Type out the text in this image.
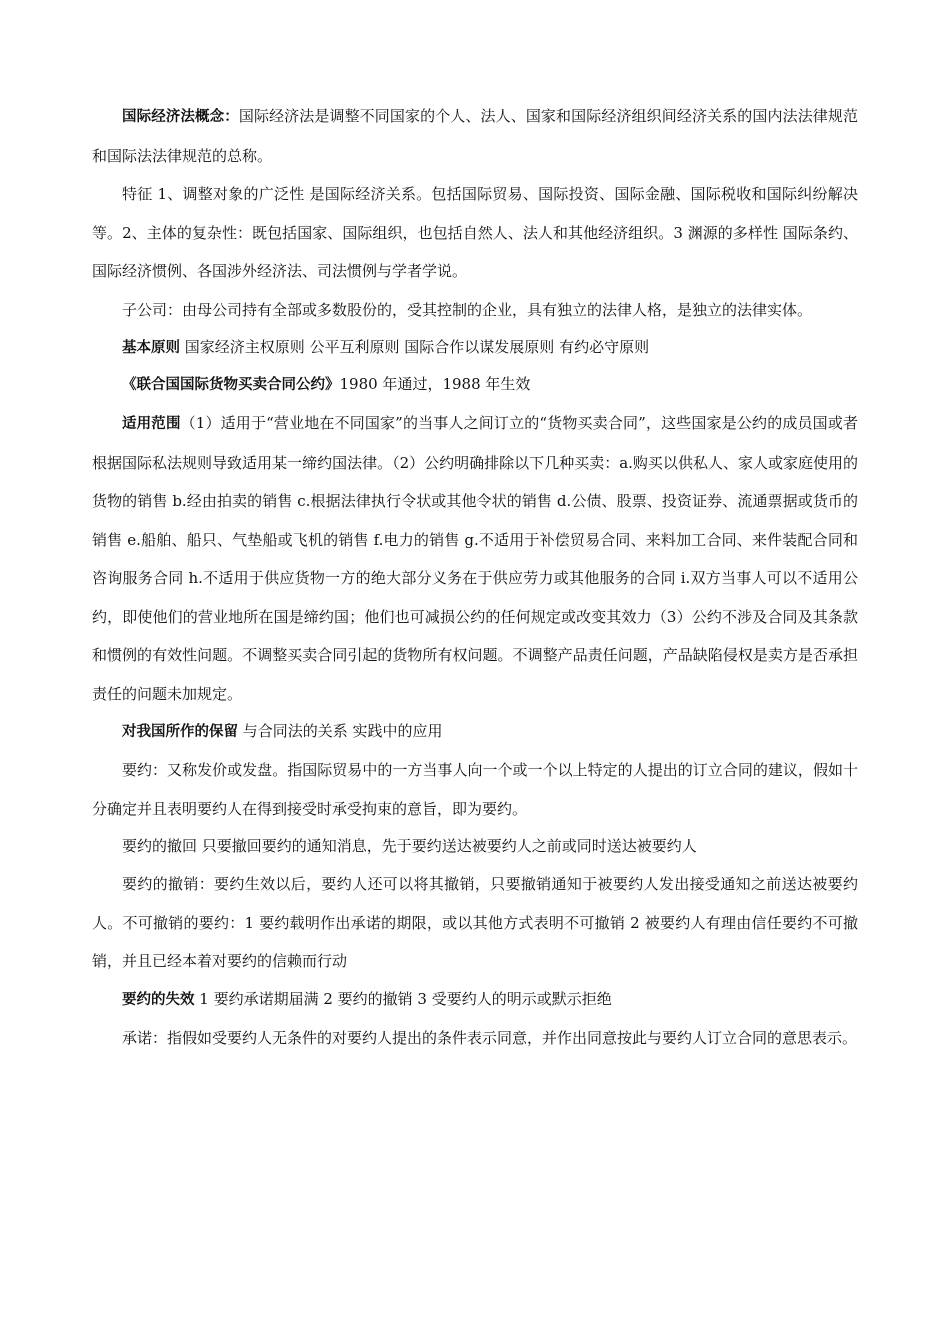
国际经济法概念：国际经济法是调整不同国家的个人、法人、国家和国际经济组织间经济关系的国内法法律规范和国际法法律规范的总称。

特征 1、调整对象的广泛性 是国际经济关系。包括国际贸易、国际投资、国际金融、国际税收和国际纠纷解决等。2、主体的复杂性：既包括国家、国际组织，也包括自然人、法人和其他经济组织。3 渊源的多样性 国际条约、国际经济惯例、各国涉外经济法、司法惯例与学者学说。

子公司：由母公司持有全部或多数股份的，受其控制的企业，具有独立的法律人格，是独立的法律实体。

基本原则 国家经济主权原则 公平互利原则 国际合作以谋发展原则 有约必守原则

《联合国国际货物买卖合同公约》1980 年通过，1988 年生效

适用范围（1）适用于“营业地在不同国家”的当事人之间订立的“货物买卖合同”，这些国家是公约的成员国或者根据国际私法规则导致适用某一缔约国法律。（2）公约明确排除以下几种买卖：a.购买以供私人、家人或家庭使用的货物的销售 b.经由拍卖的销售 c.根据法律执行令状或其他令状的销售 d.公债、股票、投资证券、流通票据或货币的销售 e.船舶、船只、气垫船或飞机的销售 f.电力的销售 g.不适用于补偿贸易合同、来料加工合同、来件装配合同和咨询服务合同 h.不适用于供应货物一方的绝大部分义务在于供应劳力或其他服务的合同 i.双方当事人可以不适用公约，即使他们的营业地所在国是缔约国；他们也可减损公约的任何规定或改变其效力（3）公约不涉及合同及其条款和惯例的有效性问题。不调整买卖合同引起的货物所有权问题。不调整产品责任问题，产品缺陷侵权是卖方是否承担责任的问题未加规定。

对我国所作的保留 与合同法的关系 实践中的应用

要约：又称发价或发盘。指国际贸易中的一方当事人向一个或一个以上特定的人提出的订立合同的建议，假如十分确定并且表明要约人在得到接受时承受拘束的意旨，即为要约。

要约的撤回 只要撤回要约的通知消息，先于要约送达被要约人之前或同时送达被要约人

要约的撤销：要约生效以后，要约人还可以将其撤销，只要撤销通知于被要约人发出接受通知之前送达被要约人。不可撤销的要约：1 要约载明作出承诺的期限，或以其他方式表明不可撤销 2 被要约人有理由信任要约不可撤销，并且已经本着对要约的信赖而行动

要约的失效 1 要约承诺期届满 2 要约的撤销 3 受要约人的明示或默示拒绝

承诺：指假如受要约人无条件的对要约人提出的条件表示同意，并作出同意按此与要约人订立合同的意思表示。
